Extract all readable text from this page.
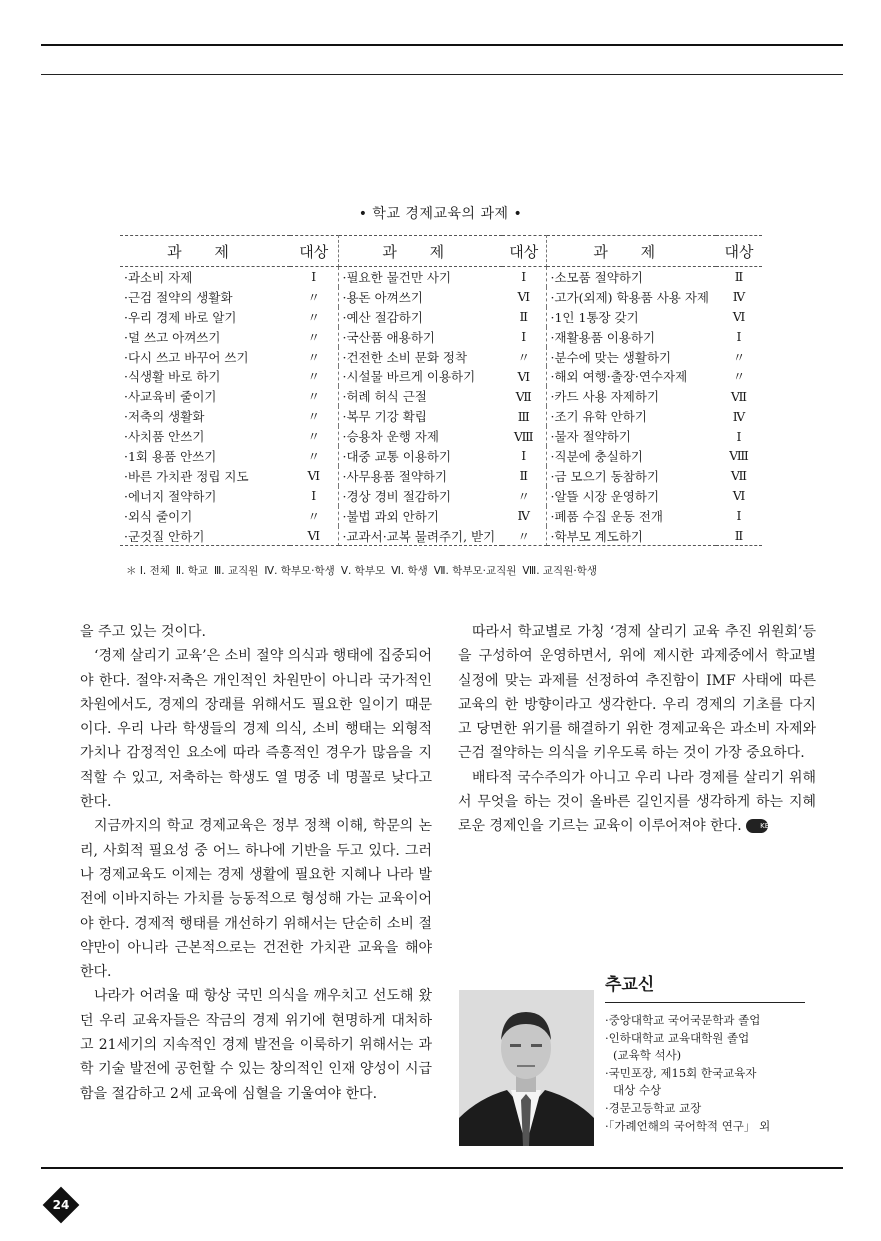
• 학교 경제교육의 과제 •
과 제	대상	과 제	대상	과 제	대상
·과소비 자제	Ⅰ	·필요한 물건만 사기	Ⅰ	·소모품 절약하기	Ⅱ
·근검 절약의 생활화	〃	·용돈 아껴쓰기	Ⅵ	·고가(외제) 학용품 사용 자제	Ⅳ
·우리 경제 바로 알기	〃	·예산 절감하기	Ⅱ	·1인 1통장 갖기	Ⅵ
·덜 쓰고 아껴쓰기	〃	·국산품 애용하기	Ⅰ	·재활용품 이용하기	Ⅰ
·다시 쓰고 바꾸어 쓰기	〃	·건전한 소비 문화 정착	〃	·분수에 맞는 생활하기	〃
·식생활 바로 하기	〃	·시설물 바르게 이용하기	Ⅵ	·해외 여행·출장·연수자제	〃
·사교육비 줄이기	〃	·허례 허식 근절	Ⅶ	·카드 사용 자제하기	Ⅶ
·저축의 생활화	〃	·복무 기강 확립	Ⅲ	·조기 유학 안하기	Ⅳ
·사치품 안쓰기	〃	·승용차 운행 자제	Ⅷ	·물자 절약하기	Ⅰ
·1회 용품 안쓰기	〃	·대중 교통 이용하기	Ⅰ	·직분에 충실하기	Ⅷ
·바른 가치관 정립 지도	Ⅵ	·사무용품 절약하기	Ⅱ	·금 모으기 동참하기	Ⅶ
·에너지 절약하기	Ⅰ	·경상 경비 절감하기	〃	·알뜰 시장 운영하기	Ⅵ
·외식 줄이기	〃	·불법 과외 안하기	Ⅳ	·폐품 수집 운동 전개	Ⅰ
·군것질 안하기	Ⅵ	·교과서·교복 물려주기, 받기	〃	·학부모 계도하기	Ⅱ
＊ Ⅰ. 전체 Ⅱ. 학교 Ⅲ. 교직원 Ⅳ. 학부모·학생 Ⅴ. 학부모 Ⅵ. 학생 Ⅶ. 학부모·교직원 Ⅷ. 교직원·학생

을 주고 있는 것이다.

‘경제 살리기 교육’은 소비 절약 의식과 행태에 집중되어야 한다. 절약·저축은 개인적인 차원만이 아니라 국가적인 차원에서도, 경제의 장래를 위해서도 필요한 일이기 때문이다. 우리 나라 학생들의 경제 의식, 소비 행태는 외형적 가치나 감정적인 요소에 따라 즉흥적인 경우가 많음을 지적할 수 있고, 저축하는 학생도 열 명중 네 명꼴로 낮다고 한다.

지금까지의 학교 경제교육은 정부 정책 이해, 학문의 논리, 사회적 필요성 중 어느 하나에 기반을 두고 있다. 그러나 경제교육도 이제는 경제 생활에 필요한 지혜나 나라 발전에 이바지하는 가치를 능동적으로 형성해 가는 교육이어야 한다. 경제적 행태를 개선하기 위해서는 단순히 소비 절약만이 아니라 근본적으로는 건전한 가치관 교육을 해야 한다.

나라가 어려울 때 항상 국민 의식을 깨우치고 선도해 왔던 우리 교육자들은 작금의 경제 위기에 현명하게 대처하고 21세기의 지속적인 경제 발전을 이룩하기 위해서는 과학 기술 발전에 공헌할 수 있는 창의적인 인재 양성이 시급함을 절감하고 2세 교육에 심혈을 기울여야 한다.

따라서 학교별로 가칭 ‘경제 살리기 교육 추진 위원회’등을 구성하여 운영하면서, 위에 제시한 과제중에서 학교별 실정에 맞는 과제를 선정하여 추진함이 IMF 사태에 따른 교육의 한 방향이라고 생각한다. 우리 경제의 기초를 다지고 당면한 위기를 해결하기 위한 경제교육은 과소비 자제와 근검 절약하는 의식을 키우도록 하는 것이 가장 중요하다.

배타적 국수주의가 아니고 우리 나라 경제를 살리기 위해서 무엇을 하는 것이 올바른 길인지를 생각하게 하는 지혜로운 경제인을 기르는 교육이 이루어져야 한다.	KEDI

추교신
·중앙대학교 국어국문학과 졸업
·인하대학교 교육대학원 졸업
(교육학 석사)
·국민포장, 제15회 한국교육자
대상 수상
·경문고등학교 교장
·「가례언해의 국어학적 연구」 외
24
